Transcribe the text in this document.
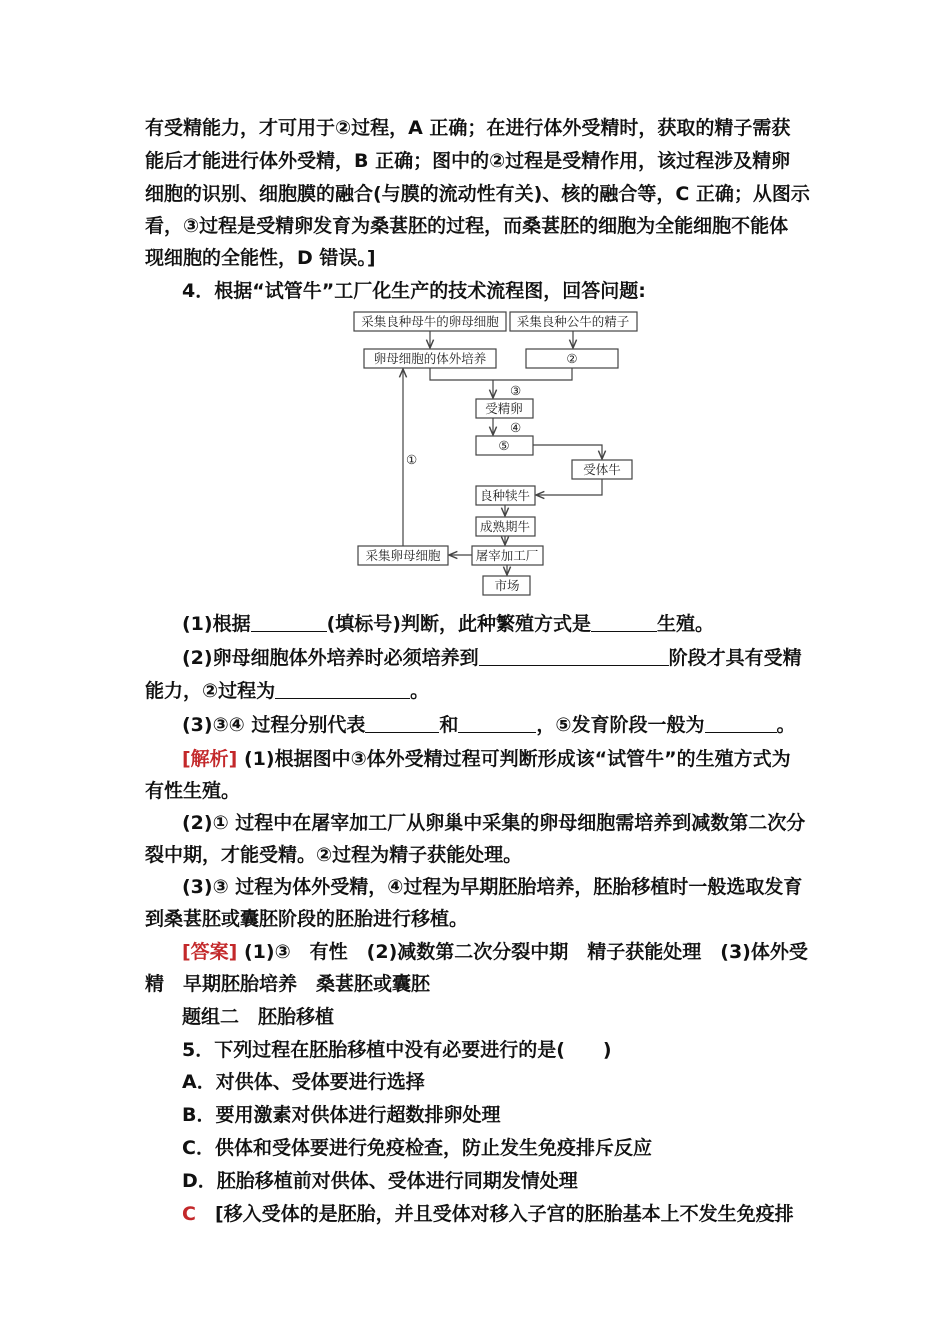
有受精能力，才可用于②过程，A 正确；在进行体外受精时，获取的精子需获
能后才能进行体外受精，B 正确；图中的②过程是受精作用，该过程涉及精卵
细胞的识别、细胞膜的融合(与膜的流动性有关)、核的融合等，C 正确；从图示
看，③过程是受精卵发育为桑葚胚的过程，而桑葚胚的细胞为全能细胞不能体
现细胞的全能性，D 错误。]
4．根据“试管牛”工厂化生产的技术流程图，回答问题:
采集良种母牛的卵母细胞 采集良种公牛的精子
卵母细胞的体外培养	②
受精卵
⑤
受体牛
良种犊牛
成熟期牛
屠宰加工厂
采集卵母细胞
市场
③
④
①
(1)根据	(填标号)判断，此种繁殖方式是	生殖。
(2)卵母细胞体外培养时必须培养到	阶段才具有受精
能力，②过程为	。
(3)③④ 过程分别代表	和	，⑤发育阶段一般为	。
[解析] (1)根据图中③体外受精过程可判断形成该“试管牛”的生殖方式为
有性生殖。
(2)① 过程中在屠宰加工厂从卵巢中采集的卵母细胞需培养到减数第二次分
裂中期，才能受精。②过程为精子获能处理。
(3)③ 过程为体外受精，④过程为早期胚胎培养，胚胎移植时一般选取发育
到桑葚胚或囊胚阶段的胚胎进行移植。
[答案] (1)③　有性　(2)减数第二次分裂中期　精子获能处理　(3)体外受
精　早期胚胎培养　桑葚胚或囊胚
题组二　胚胎移植
5．下列过程在胚胎移植中没有必要进行的是(　　)
A．对供体、受体要进行选择
B．要用激素对供体进行超数排卵处理
C．供体和受体要进行免疫检查，防止发生免疫排斥反应
D．胚胎移植前对供体、受体进行同期发情处理
C　 [移入受体的是胚胎，并且受体对移入子宫的胚胎基本上不发生免疫排
